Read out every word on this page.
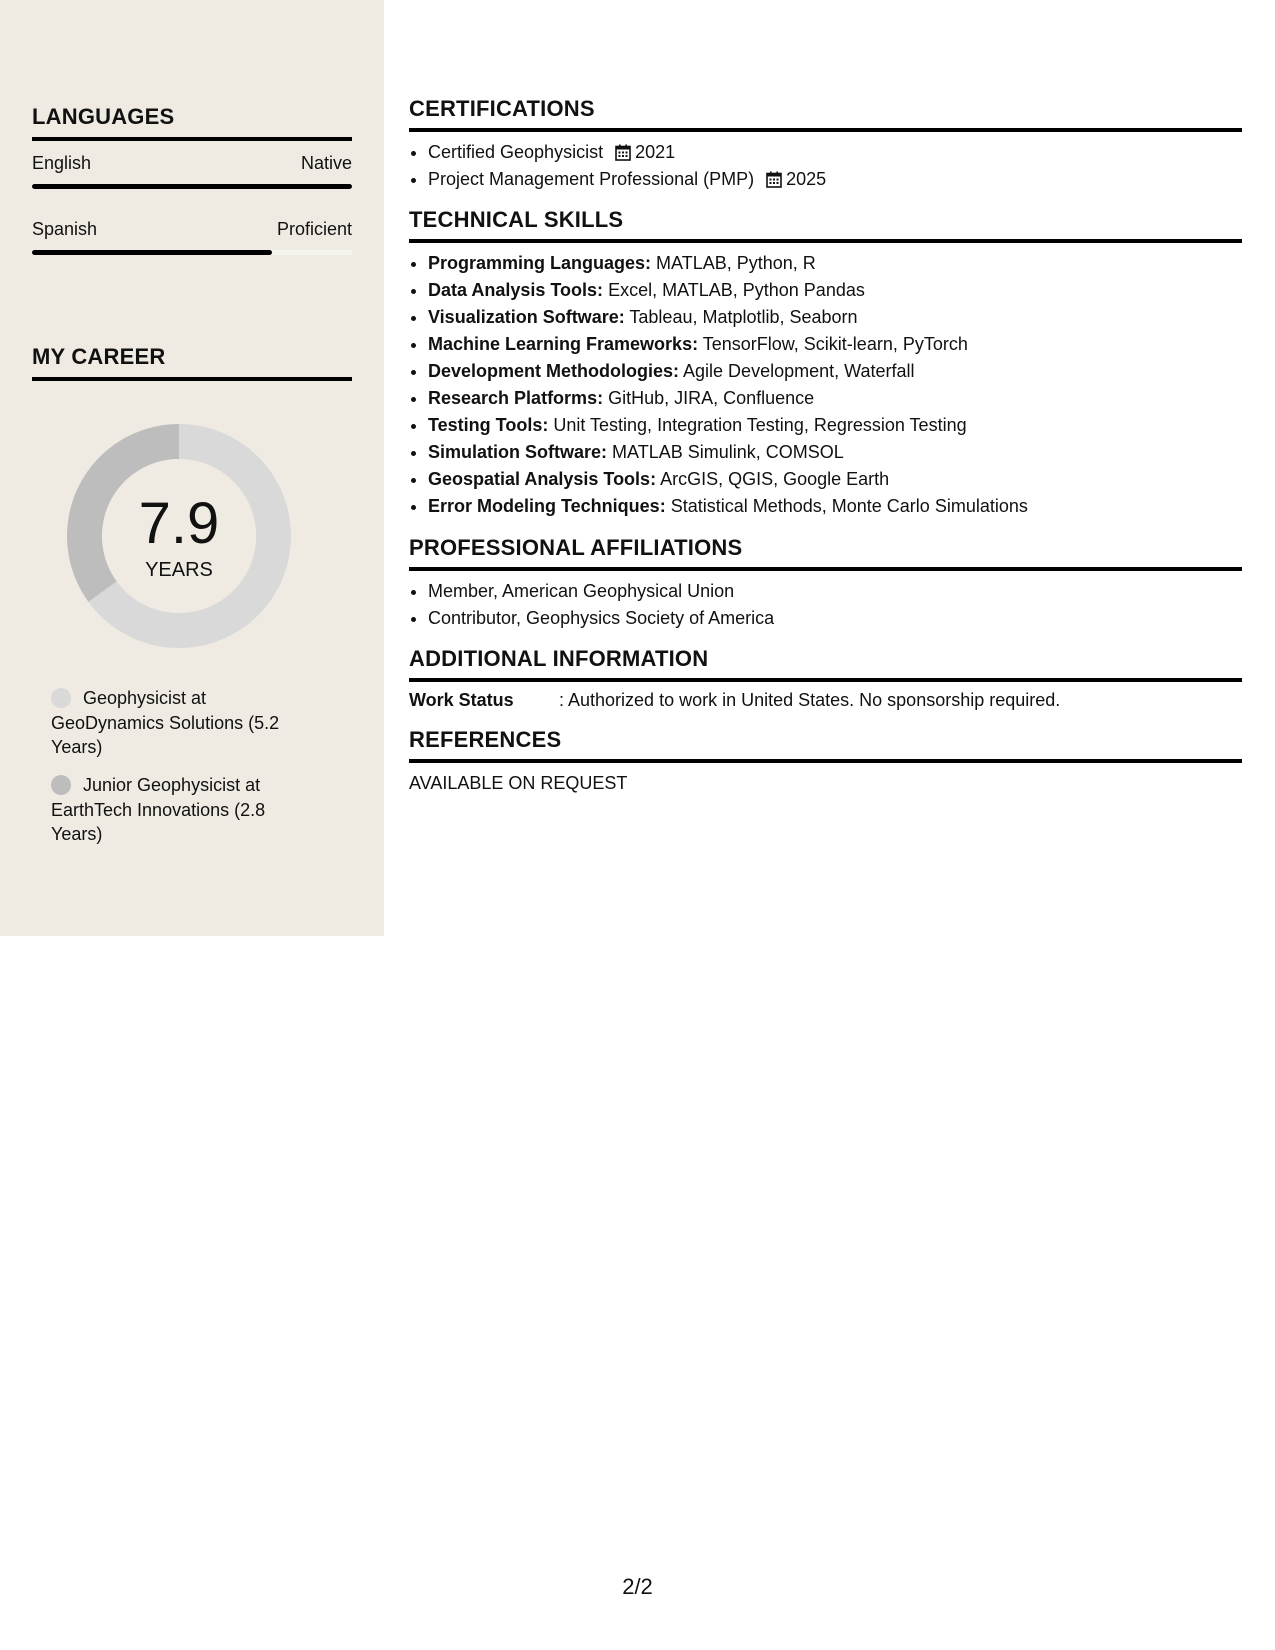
LANGUAGES
English	Native
Spanish	Proficient
MY CAREER
7.9
YEARS
Geophysicist at GeoDynamics Solutions (5.2 Years)
Junior Geophysicist at EarthTech Innovations (2.8 Years)
CERTIFICATIONS
• Certified Geophysicist 2021
• Project Management Professional (PMP) 2025
TECHNICAL SKILLS
• Programming Languages: MATLAB, Python, R
• Data Analysis Tools: Excel, MATLAB, Python Pandas
• Visualization Software: Tableau, Matplotlib, Seaborn
• Machine Learning Frameworks: TensorFlow, Scikit-learn, PyTorch
• Development Methodologies: Agile Development, Waterfall
• Research Platforms: GitHub, JIRA, Confluence
• Testing Tools: Unit Testing, Integration Testing, Regression Testing
• Simulation Software: MATLAB Simulink, COMSOL
• Geospatial Analysis Tools: ArcGIS, QGIS, Google Earth
• Error Modeling Techniques: Statistical Methods, Monte Carlo Simulations
PROFESSIONAL AFFILIATIONS
• Member, American Geophysical Union
• Contributor, Geophysics Society of America
ADDITIONAL INFORMATION
Work Status	: Authorized to work in United States. No sponsorship required.
REFERENCES
AVAILABLE ON REQUEST
2/2
